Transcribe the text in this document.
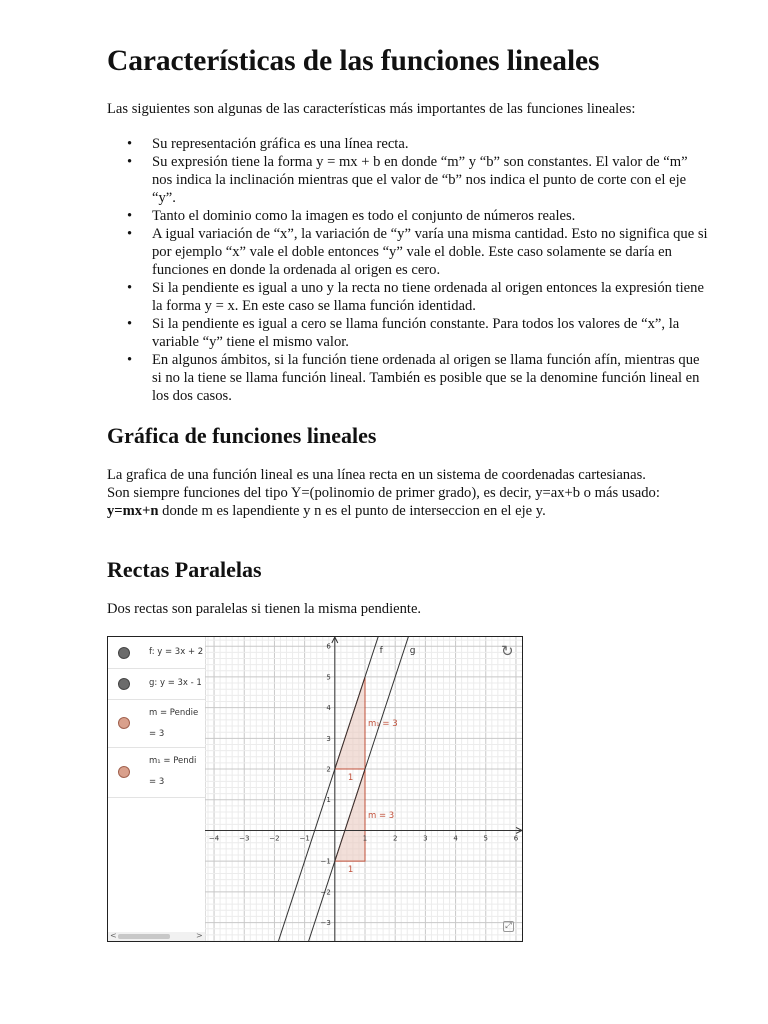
Características de las funciones lineales

Las siguientes son algunas de las características más importantes de las funciones lineales:

• Su representación gráfica es una línea recta.
• Su expresión tiene la forma y = mx + b en donde “m” y “b” son constantes. El valor de “m” nos indica la inclinación mientras que el valor de “b” nos indica el punto de corte con el eje “y”.
• Tanto el dominio como la imagen es todo el conjunto de números reales.
• A igual variación de “x”, la variación de “y” varía una misma cantidad. Esto no significa que si por ejemplo “x” vale el doble entonces “y” vale el doble. Este caso solamente se daría en funciones en donde la ordenada al origen es cero.
• Si la pendiente es igual a uno y la recta no tiene ordenada al origen entonces la expresión tiene la forma y = x. En este caso se llama función identidad.
• Si la pendiente es igual a cero se llama función constante. Para todos los valores de “x”, la variable “y” tiene el mismo valor.
• En algunos ámbitos, si la función tiene ordenada al origen se llama función afín, mientras que si no la tiene se llama función lineal. También es posible que se la denomine función lineal en los dos casos.
Gráfica de funciones lineales

La grafica de una función lineal es una línea recta en un sistema de coordenadas cartesianas. Son siempre funciones del tipo Y=(polinomio de primer grado), es decir, y=ax+b o más usado: y=mx+n donde m es lapendiente y n es el punto de interseccion en el eje y.

Rectas Paralelas

Dos rectas son paralelas si tienen la misma pendiente.

<	>
f: y = 3x + 2
g: y = 3x - 1
m = Pendie
= 3
m₁ = Pendi
= 3
m₁ = 3
1
m = 3
1
−4	−3	−2	−1	1	2	3	4	5	6
−3
−2
−1
1
2
3
4
5
6	f	g	↻
⤢
